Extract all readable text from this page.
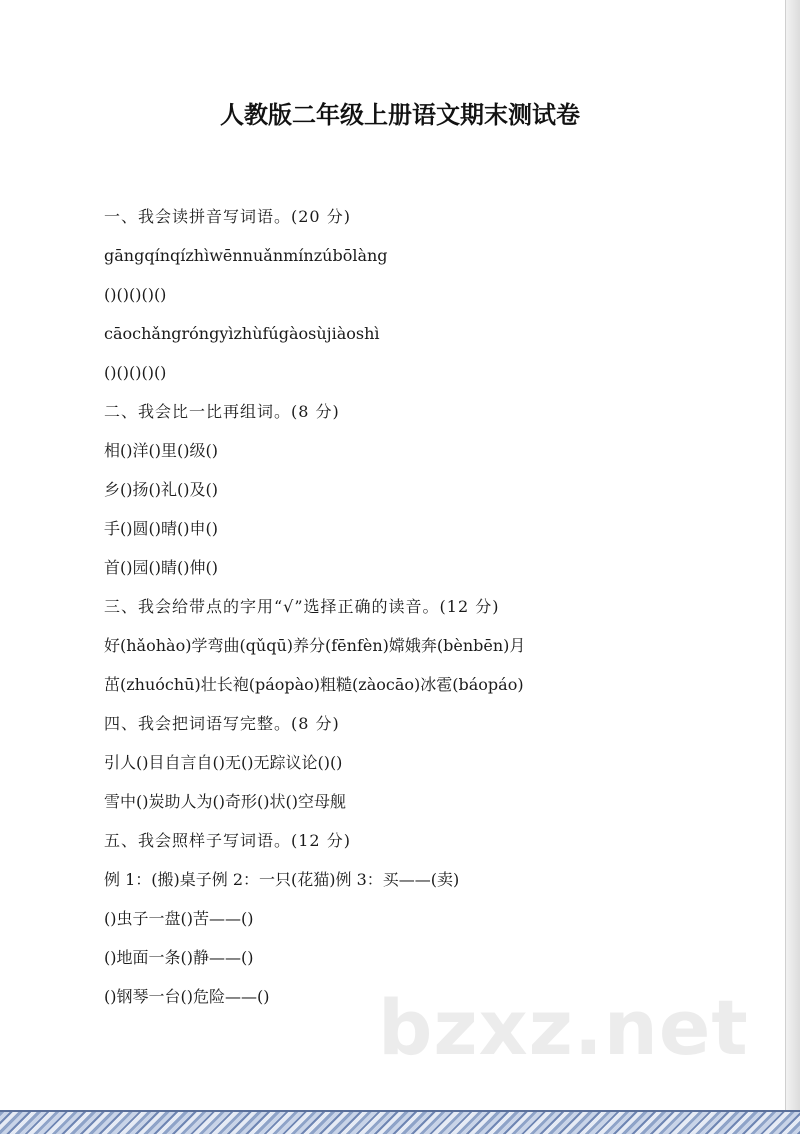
人教版二年级上册语文期末测试卷
一、我会读拼音写词语。(20 分)
gāngqínqízhìwēnnuǎnmínzúbōlàng
()()()()()
cāochǎngróngyìzhùfúgàosùjiàoshì
()()()()()
二、我会比一比再组词。(8 分)
相()洋()里()级()
乡()扬()礼()及()
手()圆()晴()申()
首()园()睛()伸()
三、我会给带点的字用“√”选择正确的读音。(12 分)
好(hǎohào)学弯曲(qǔqū)养分(fēnfèn)嫦娥奔(bènbēn)月
茁(zhuóchū)壮长袍(páopào)粗糙(zàocāo)冰雹(báopáo)
四、我会把词语写完整。(8 分)
引人()目自言自()无()无踪议论()()
雪中()炭助人为()奇形()状()空母舰
五、我会照样子写词语。(12 分)
例 1：(搬)桌子例 2：一只(花猫)例 3：买——(卖)
()虫子一盘()苦——()
()地面一条()静——()
()钢琴一台()危险——()	bzxz.net
